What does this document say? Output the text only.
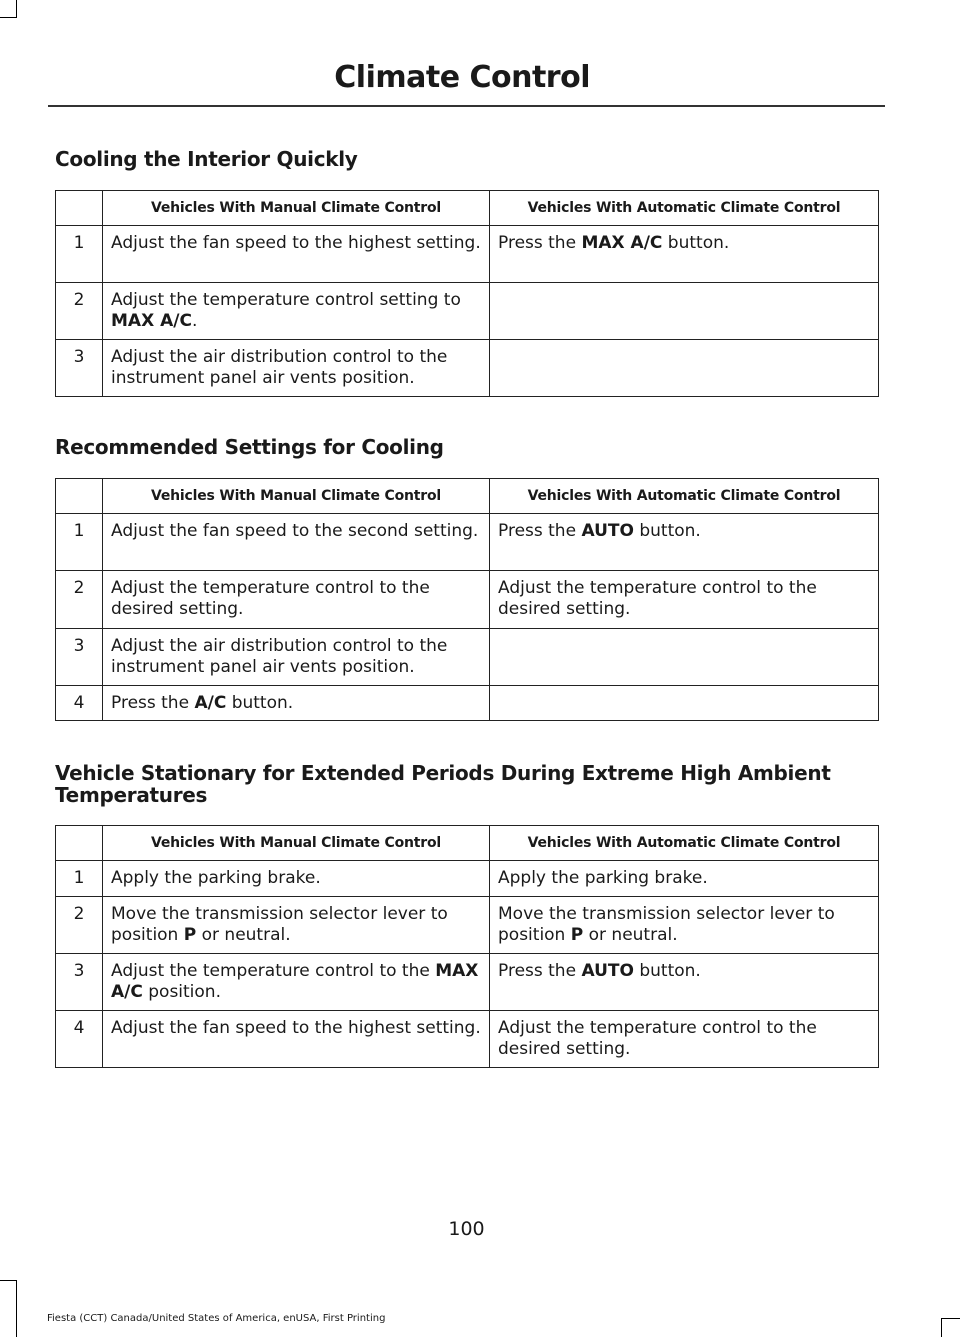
Climate Control
Cooling the Interior Quickly
	Vehicles With Manual Climate Control	Vehicles With Automatic Climate Control
1	Adjust the fan speed to the highest setting.	Press the MAX A/C button.
2	Adjust the temperature control setting to MAX A/C.	
3	Adjust the air distribution control to the instrument panel air vents position.	
Recommended Settings for Cooling
	Vehicles With Manual Climate Control	Vehicles With Automatic Climate Control
1	Adjust the fan speed to the second setting.	Press the AUTO button.
2	Adjust the temperature control to the desired setting.	Adjust the temperature control to the desired setting.
3	Adjust the air distribution control to the instrument panel air vents position.	
4	Press the A/C button.	
Vehicle Stationary for Extended Periods During Extreme High Ambient Temperatures
	Vehicles With Manual Climate Control	Vehicles With Automatic Climate Control
1	Apply the parking brake.	Apply the parking brake.
2	Move the transmission selector lever to position P or neutral.	Move the transmission selector lever to position P or neutral.
3	Adjust the temperature control to the MAX A/C position.	Press the AUTO button.
4	Adjust the fan speed to the highest setting.	Adjust the temperature control to the desired setting.
100
Fiesta (CCT) Canada/United States of America, enUSA, First Printing
